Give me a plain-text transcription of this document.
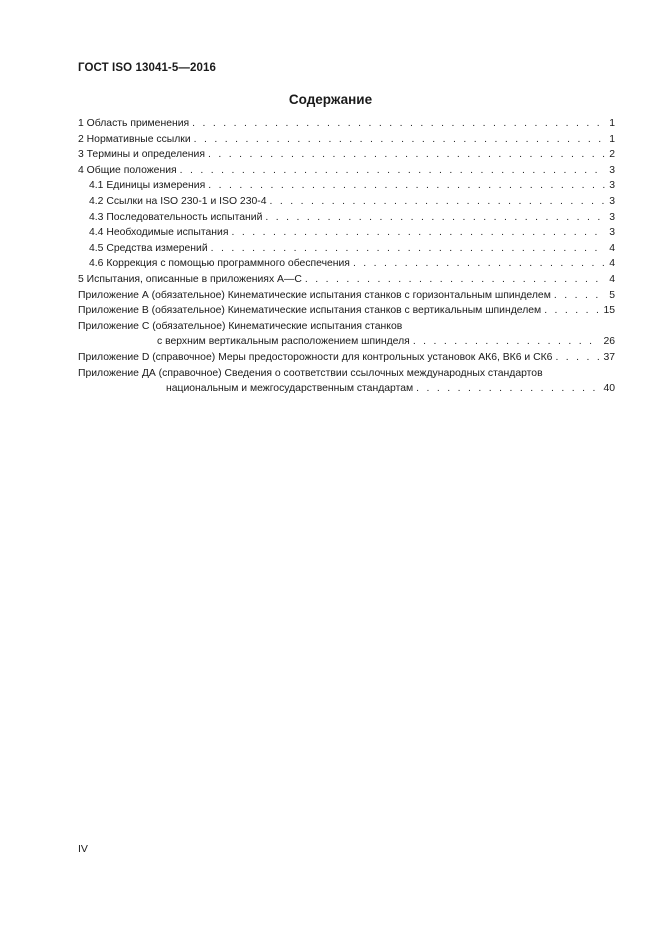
ГОСТ ISO 13041-5—2016
Содержание
1 Область применения . . .	1
2 Нормативные ссылки . . .	1
3 Термины и определения . . .	2
4 Общие положения . . .	3
4.1 Единицы измерения . . .	3
4.2 Ссылки на ISO 230-1 и ISO 230-4 . . .	3
4.3 Последовательность испытаний . . .	3
4.4 Необходимые испытания . . .	3
4.5 Средства измерений . . .	4
4.6 Коррекция с помощью программного обеспечения . . .	4
5 Испытания, описанные в приложениях А—С . . .	4
Приложение А (обязательное) Кинематические испытания станков с горизонтальным шпинделем . . .	5
Приложение В (обязательное) Кинематические испытания станков с вертикальным шпинделем . . .	15
Приложение С (обязательное) Кинематические испытания станков
с верхним вертикальным расположением шпинделя . . .	26
Приложение D (справочное) Меры предосторожности для контрольных установок АК6, ВК6 и СК6 . . .	37
Приложение ДА (справочное) Сведения о соответствии ссылочных международных стандартов
национальным и межгосударственным стандартам . . .	40
IV
